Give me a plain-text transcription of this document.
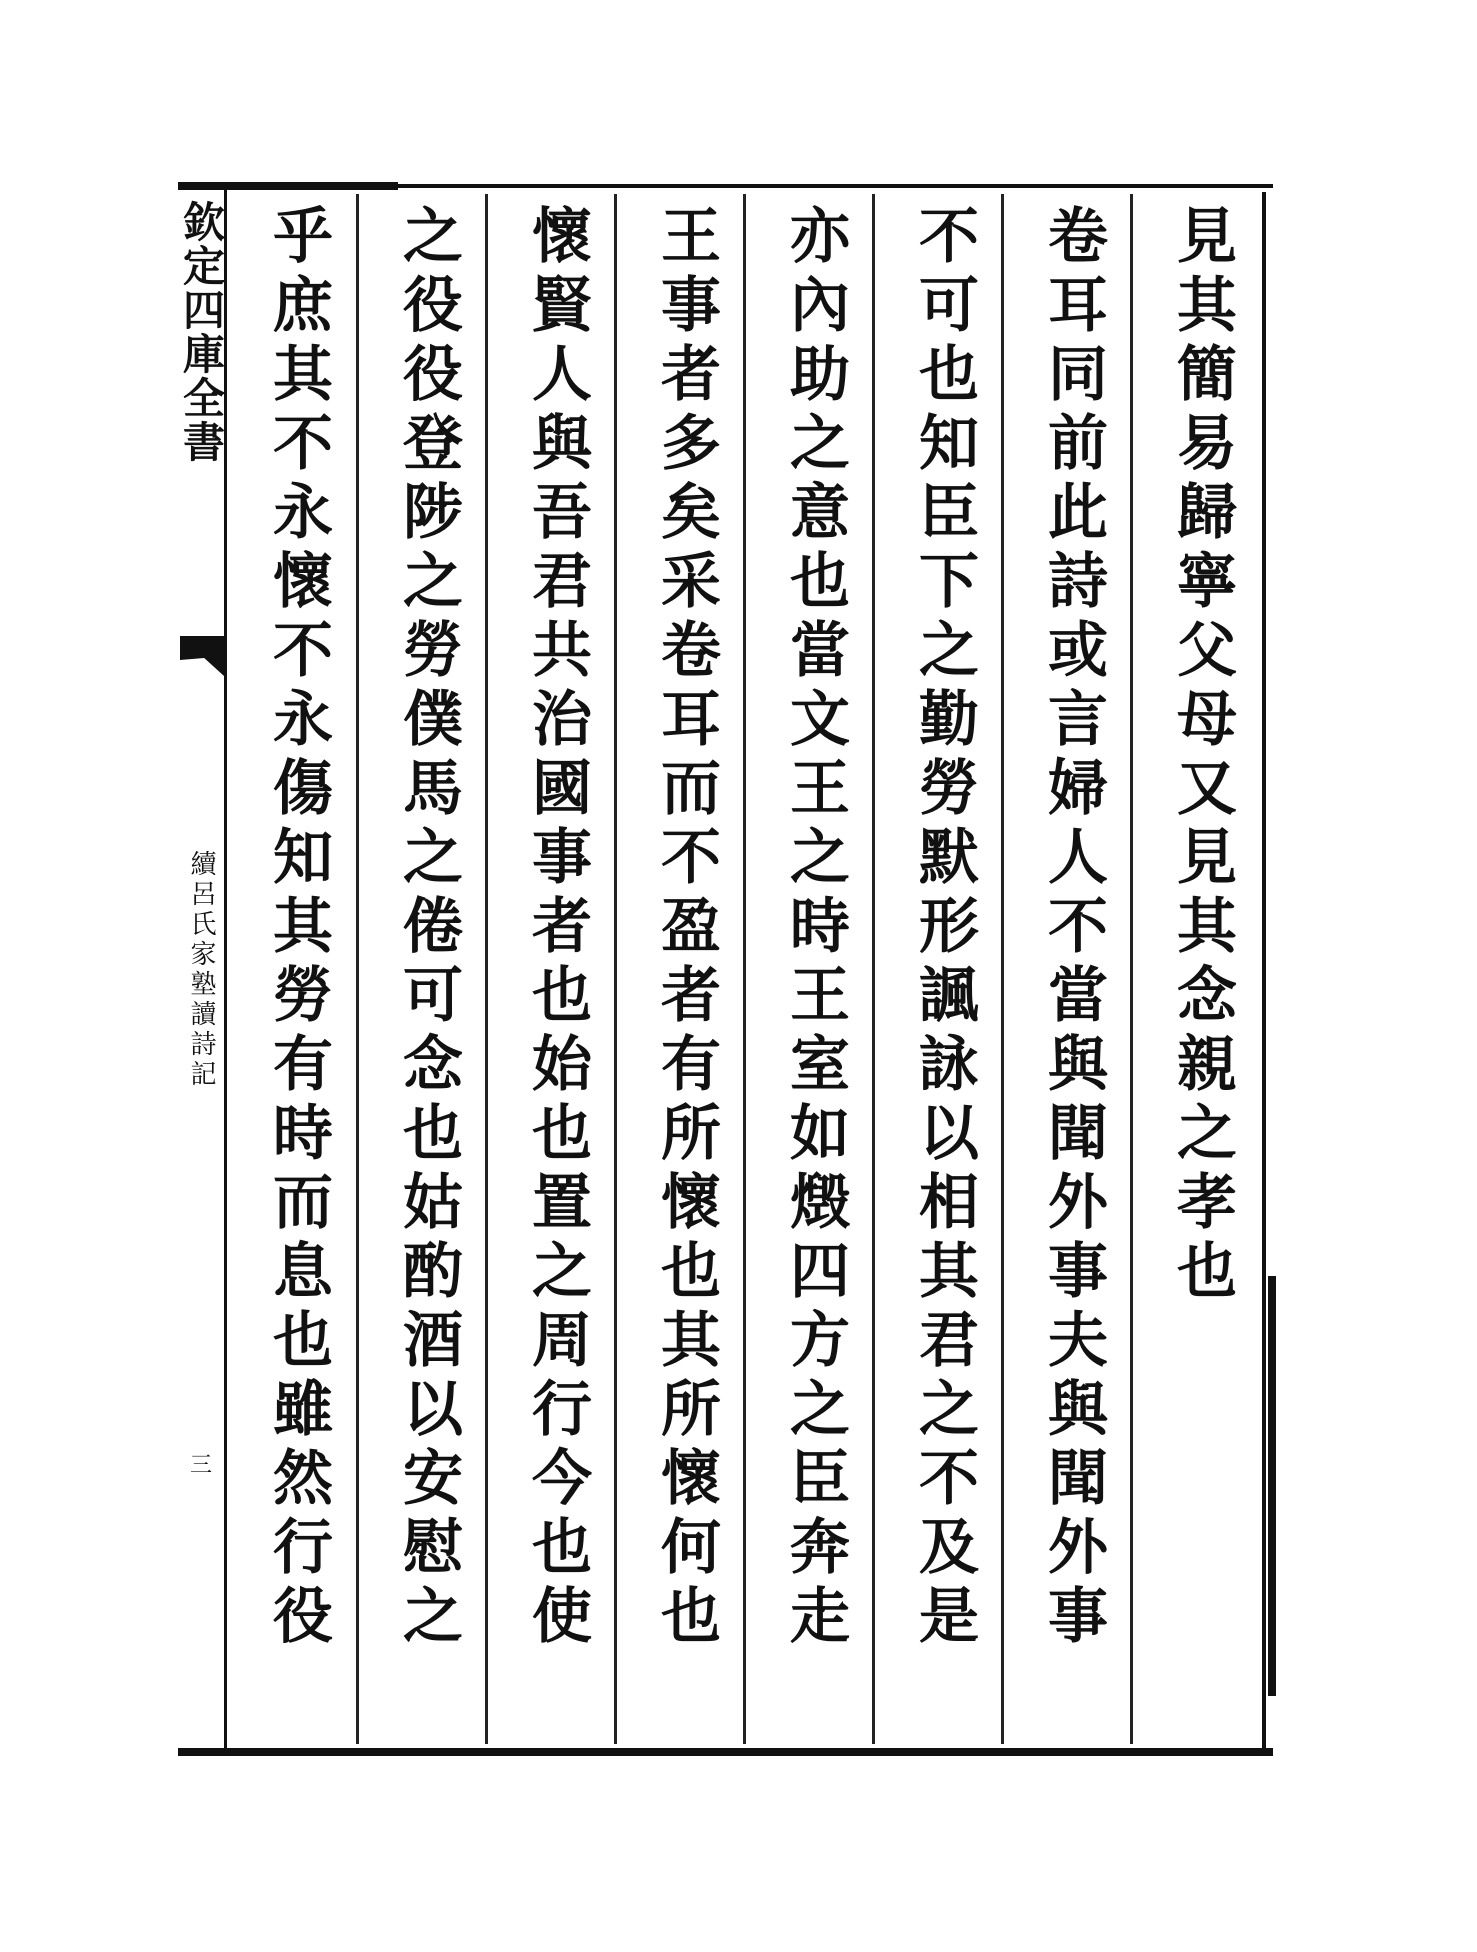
欽定四庫全書
續呂氏家塾讀詩記
三
見其簡易歸寧父母又見其念親之孝也
卷耳同前此詩或言婦人不當與聞外事夫與聞外事
不可也知臣下之勤勞默形諷詠以相其君之不及是
亦內助之意也當文王之時王室如燬四方之臣奔走
王事者多矣采卷耳而不盈者有所懷也其所懷何也
懷賢人與吾君共治國事者也始也置之周行今也使
之役役登陟之勞僕馬之倦可念也姑酌酒以安慰之
乎庶其不永懷不永傷知其勞有時而息也雖然行役
